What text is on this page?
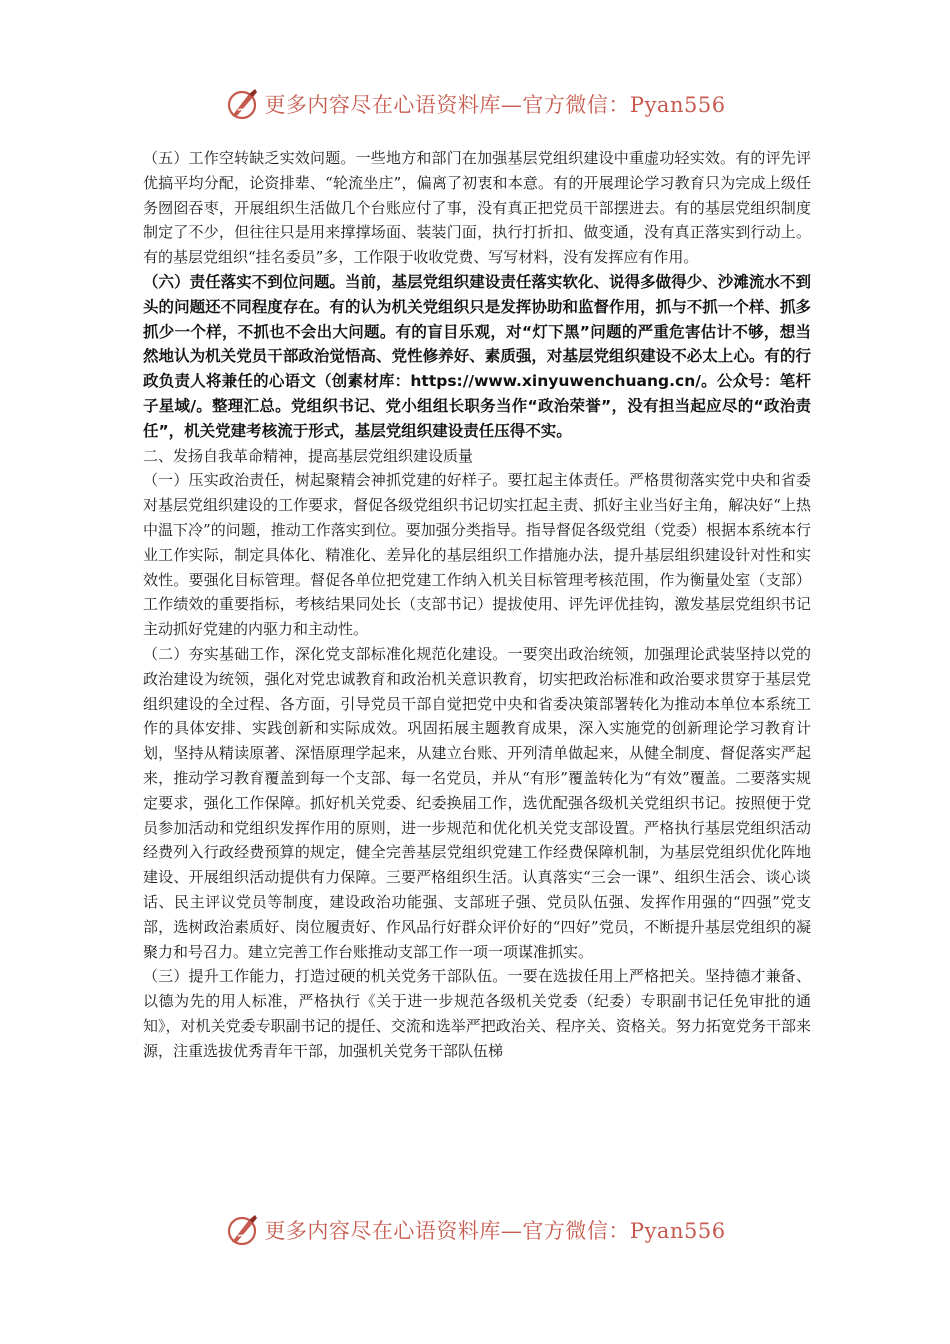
更多内容尽在心语资料库—官方微信：Pyan556

（五）工作空转缺乏实效问题。一些地方和部门在加强基层党组织建设中重虚功轻实效。有的评先评优搞平均分配，论资排辈、“轮流坐庄”，偏离了初衷和本意。有的开展理论学习教育只为完成上级任务囫囵吞枣，开展组织生活做几个台账应付了事，没有真正把党员干部摆进去。有的基层党组织制度制定了不少，但往往只是用来撑撑场面、装装门面，执行打折扣、做变通，没有真正落实到行动上。有的基层党组织“挂名委员”多，工作限于收收党费、写写材料，没有发挥应有作用。

（六）责任落实不到位问题。当前，基层党组织建设责任落实软化、说得多做得少、沙滩流水不到头的问题还不同程度存在。有的认为机关党组织只是发挥协助和监督作用，抓与不抓一个样、抓多抓少一个样，不抓也不会出大问题。有的盲目乐观，对“灯下黑”问题的严重危害估计不够，想当然地认为机关党员干部政治觉悟高、党性修养好、素质强，对基层党组织建设不必太上心。有的行政负责人将兼任的心语文（创素材库：https://www.xinyuwenchuang.cn/。公众号：笔杆子星域/。整理汇总。党组织书记、党小组组长职务当作“政治荣誉”，没有担当起应尽的“政治责任”，机关党建考核流于形式，基层党组织建设责任压得不实。

二、发扬自我革命精神，提高基层党组织建设质量

（一）压实政治责任，树起聚精会神抓党建的好样子。要扛起主体责任。严格贯彻落实党中央和省委对基层党组织建设的工作要求，督促各级党组织书记切实扛起主责、抓好主业当好主角，解决好“上热中温下冷”的问题，推动工作落实到位。要加强分类指导。指导督促各级党组（党委）根据本系统本行业工作实际，制定具体化、精准化、差异化的基层组织工作措施办法，提升基层组织建设针对性和实效性。要强化目标管理。督促各单位把党建工作纳入机关目标管理考核范围，作为衡量处室（支部）工作绩效的重要指标，考核结果同处长（支部书记）提拔使用、评先评优挂钩，激发基层党组织书记主动抓好党建的内驱力和主动性。

（二）夯实基础工作，深化党支部标准化规范化建设。一要突出政治统领，加强理论武装坚持以党的政治建设为统领，强化对党忠诚教育和政治机关意识教育，切实把政治标准和政治要求贯穿于基层党组织建设的全过程、各方面，引导党员干部自觉把党中央和省委决策部署转化为推动本单位本系统工作的具体安排、实践创新和实际成效。巩固拓展主题教育成果，深入实施党的创新理论学习教育计划，坚持从精读原著、深悟原理学起来，从建立台账、开列清单做起来，从健全制度、督促落实严起来，推动学习教育覆盖到每一个支部、每一名党员，并从“有形”覆盖转化为“有效”覆盖。二要落实规定要求，强化工作保障。抓好机关党委、纪委换届工作，选优配强各级机关党组织书记。按照便于党员参加活动和党组织发挥作用的原则，进一步规范和优化机关党支部设置。严格执行基层党组织活动经费列入行政经费预算的规定，健全完善基层党组织党建工作经费保障机制，为基层党组织优化阵地建设、开展组织活动提供有力保障。三要严格组织生活。认真落实“三会一课”、组织生活会、谈心谈话、民主评议党员等制度，建设政治功能强、支部班子强、党员队伍强、发挥作用强的“四强”党支部，选树政治素质好、岗位履责好、作风品行好群众评价好的“四好”党员，不断提升基层党组织的凝聚力和号召力。建立完善工作台账推动支部工作一项一项谋准抓实。

（三）提升工作能力，打造过硬的机关党务干部队伍。一要在选拔任用上严格把关。坚持德才兼备、以德为先的用人标准，严格执行《关于进一步规范各级机关党委（纪委）专职副书记任免审批的通知》，对机关党委专职副书记的提任、交流和选举严把政治关、程序关、资格关。努力拓宽党务干部来源，注重选拔优秀青年干部，加强机关党务干部队伍梯

更多内容尽在心语资料库—官方微信：Pyan556
